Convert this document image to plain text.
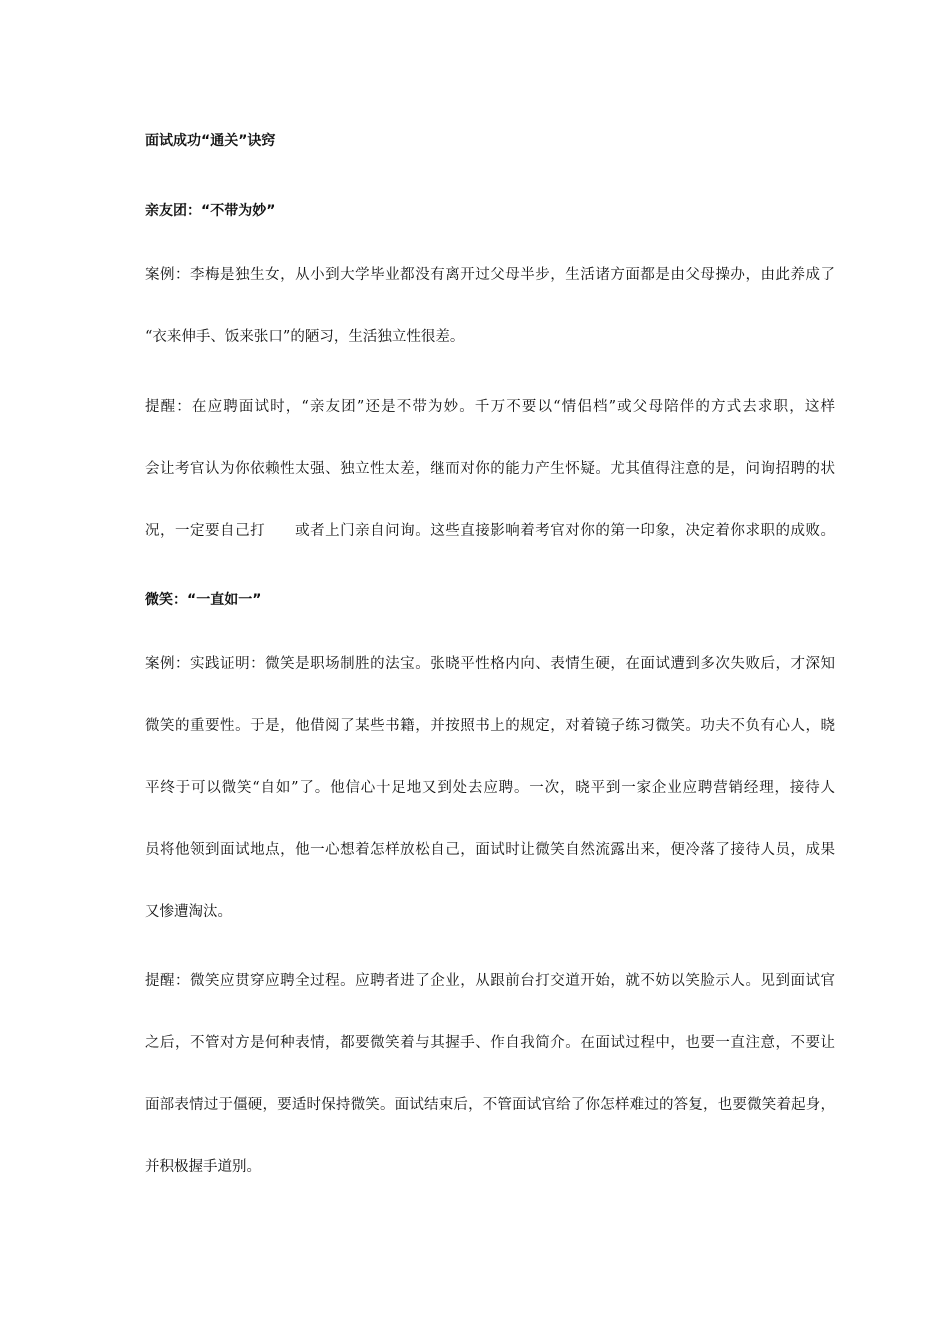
面试成功“通关”诀窍
亲友团：“不带为妙”
案例：李梅是独生女，从小到大学毕业都没有离开过父母半步，生活诸方面都是由父母操办，由此养成了
“衣来伸手、饭来张口”的陋习，生活独立性很差。
提醒：在应聘面试时，“亲友团”还是不带为妙。千万不要以“情侣档”或父母陪伴的方式去求职，这样
会让考官认为你依赖性太强、独立性太差，继而对你的能力产生怀疑。尤其值得注意的是，问询招聘的状
况，一定要自己打　　或者上门亲自问询。这些直接影响着考官对你的第一印象，决定着你求职的成败。
微笑：“一直如一”
案例：实践证明：微笑是职场制胜的法宝。张晓平性格内向、表情生硬，在面试遭到多次失败后，才深知
微笑的重要性。于是，他借阅了某些书籍，并按照书上的规定，对着镜子练习微笑。功夫不负有心人，晓
平终于可以微笑“自如”了。他信心十足地又到处去应聘。一次，晓平到一家企业应聘营销经理，接待人
员将他领到面试地点，他一心想着怎样放松自己，面试时让微笑自然流露出来，便冷落了接待人员，成果
又惨遭淘汰。
提醒：微笑应贯穿应聘全过程。应聘者进了企业，从跟前台打交道开始，就不妨以笑脸示人。见到面试官
之后，不管对方是何种表情，都要微笑着与其握手、作自我简介。在面试过程中，也要一直注意，不要让
面部表情过于僵硬，要适时保持微笑。面试结束后，不管面试官给了你怎样难过的答复，也要微笑着起身，
并积极握手道别。
